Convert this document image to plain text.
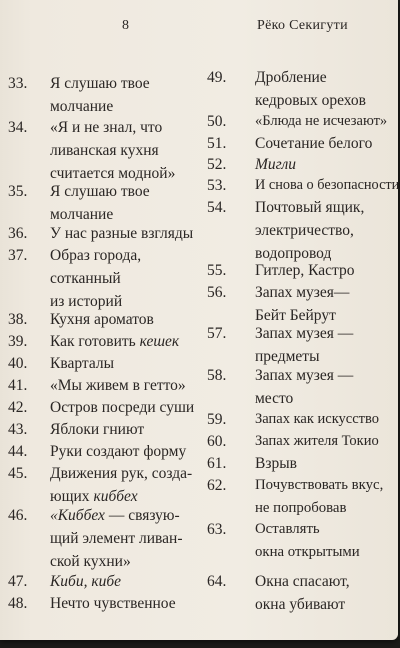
8	Рёко Секигути
33. Я слушаю твое
молчание
34. «Я и не знал, что
ливанская кухня
считается модной»
35. Я слушаю твое
молчание
36. У нас разные взгляды
37. Образ города,
сотканный
из историй
38. Кухня ароматов
39. Как готовить кешек
40. Кварталы
41. «Мы живем в гетто»
42. Остров посреди суши
43. Яблоки гниют
44. Руки создают форму
45. Движения рук, созда-
ющих киббех
46. «Киббех — связую-
щий элемент ливан-
ской кухни»
47. Киби, кибе
48. Нечто чувственное
49. Дробление
кедровых орехов
50. «Блюда не исчезают»
51. Сочетание белого
52. Мигли
53. И снова о безопасности
54. Почтовый ящик,
электричество,
водопровод
55. Гитлер, Кастро
56. Запах музея—
Бейт Бейрут
57. Запах музея —
предметы
58. Запах музея —
место
59. Запах как искусство
60. Запах жителя Токио
61. Взрыв
62. Почувствовать вкус,
не попробовав
63. Оставлять
окна открытыми
64. Окна спасают,
окна убивают
